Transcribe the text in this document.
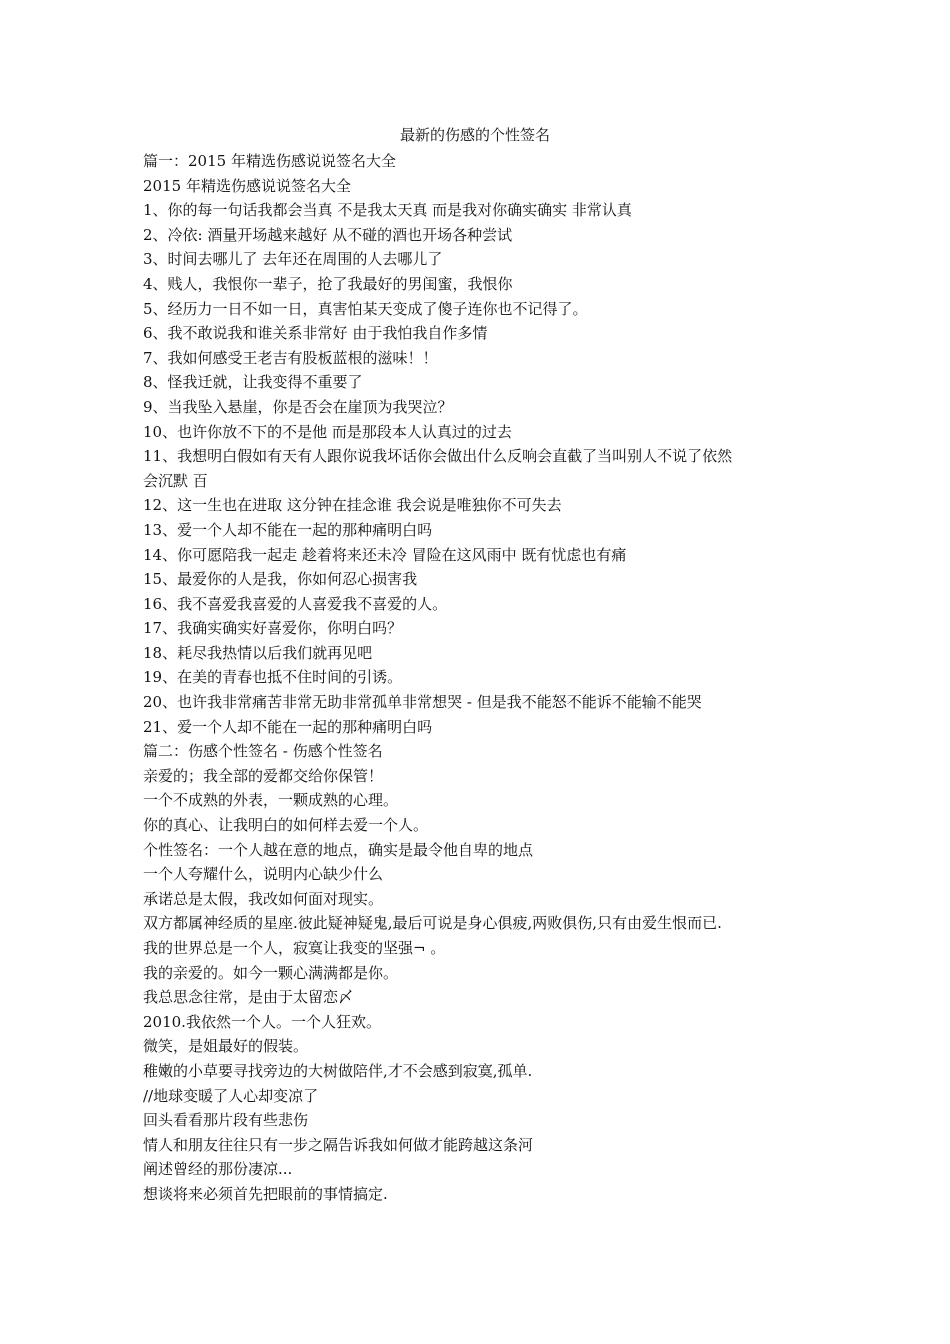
最新的伤感的个性签名
篇一：2015 年精选伤感说说签名大全
2015 年精选伤感说说签名大全
1、你的每一句话我都会当真 不是我太天真 而是我对你确实确实 非常认真
2、冷依: 酒量开场越来越好 从不碰的酒也开场各种尝试
3、时间去哪儿了 去年还在周围的人去哪儿了
4、贱人，我恨你一辈子，抢了我最好的男闺蜜，我恨你
5、经历力一日不如一日，真害怕某天变成了傻子连你也不记得了。
6、我不敢说我和谁关系非常好 由于我怕我自作多情
7、我如何感受王老吉有股板蓝根的滋味！！
8、怪我迁就，让我变得不重要了
9、当我坠入悬崖，你是否会在崖顶为我哭泣？
10、也许你放不下的不是他 而是那段本人认真过的过去
11、我想明白假如有天有人跟你说我坏话你会做出什么反响会直截了当叫别人不说了依然
会沉默 百
12、这一生也在进取 这分钟在挂念谁 我会说是唯独你不可失去
13、爱一个人却不能在一起的那种痛明白吗
14、你可愿陪我一起走 趁着将来还未冷 冒险在这风雨中 既有忧虑也有痛
15、最爱你的人是我，你如何忍心损害我
16、我不喜爱我喜爱的人喜爱我不喜爱的人。
17、我确实确实好喜爱你，你明白吗？
18、耗尽我热情以后我们就再见吧
19、在美的青春也抵不住时间的引诱。
20、也许我非常痛苦非常无助非常孤单非常想哭 - 但是我不能怒不能诉不能输不能哭
21、爱一个人却不能在一起的那种痛明白吗
篇二：伤感个性签名 - 伤感个性签名
亲爱的；我全部的爱都交给你保管！
一个不成熟的外表，一颗成熟的心理。
你的真心、让我明白的如何样去爱一个人。
个性签名：一个人越在意的地点，确实是最令他自卑的地点
一个人夸耀什么，说明内心缺少什么
承诺总是太假，我改如何面对现实。
双方都属神经质的星座.彼此疑神疑鬼,最后可说是身心俱疲,两败俱伤,只有由爱生恨而已.
我的世界总是一个人，寂寞让我变的坚强¬ 。
我的亲爱的。如今一颗心满满都是你。
我总思念往常，是由于太留恋〆
2010.我依然一个人。一个人狂欢。
微笑，是姐最好的假装。
稚嫩的小草要寻找旁边的大树做陪伴,才不会感到寂寞,孤单.
//地球变暖了人心却变凉了
回头看看那片段有些悲伤
情人和朋友往往只有一步之隔告诉我如何做才能跨越这条河
阐述曾经的那份凄凉...
想谈将来必须首先把眼前的事情搞定.
